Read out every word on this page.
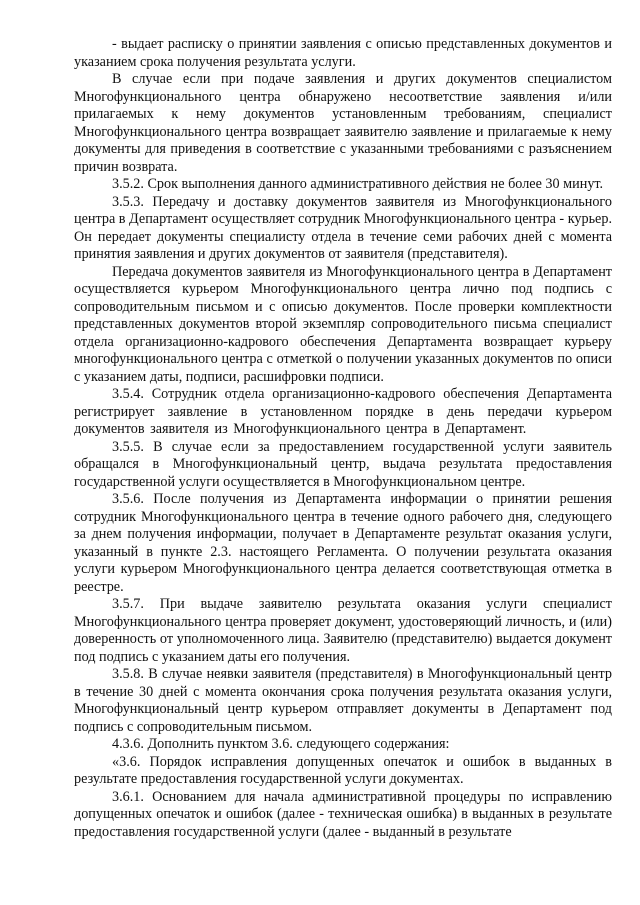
- выдает расписку о принятии заявления с описью представленных документов и указанием срока получения результата услуги.

В случае если при подаче заявления и других документов специалистом Многофункционального центра обнаружено несоответствие заявления и/или прилагаемых к нему документов установленным требованиям, специалист Многофункционального центра возвращает заявителю заявление и прилагаемые к нему документы для приведения в соответствие с указанными требованиями с разъяснением причин возврата.

3.5.2. Срок выполнения данного административного действия не более 30 минут.

3.5.3. Передачу и доставку документов заявителя из Многофункционального центра в Департамент осуществляет сотрудник Многофункционального центра - курьер. Он передает документы специалисту отдела в течение семи рабочих дней с момента принятия заявления и других документов от заявителя (представителя).

Передача документов заявителя из Многофункционального центра в Департамент осуществляется курьером Многофункционального центра лично под подпись с сопроводительным письмом и с описью документов. После проверки комплектности представленных документов второй экземпляр сопроводительного письма специалист отдела организационно-кадрового обеспечения Департамента возвращает курьеру многофункционального центра с отметкой о получении указанных документов по описи с указанием даты, подписи, расшифровки подписи.

3.5.4. Сотрудник отдела организационно-кадрового обеспечения Департамента регистрирует заявление в установленном порядке в день передачи курьером документов заявителя из Многофункционального центра в Департамент.

3.5.5. В случае если за предоставлением государственной услуги заявитель обращался в Многофункциональный центр, выдача результата предоставления государственной услуги осуществляется в Многофункциональном центре.

3.5.6. После получения из Департамента информации о принятии решения сотрудник Многофункционального центра в течение одного рабочего дня, следующего за днем получения информации, получает в Департаменте результат оказания услуги, указанный в пункте 2.3. настоящего Регламента. О получении результата оказания услуги курьером Многофункционального центра делается соответствующая отметка в реестре.

3.5.7. При выдаче заявителю результата оказания услуги специалист Многофункционального центра проверяет документ, удостоверяющий личность, и (или) доверенность от уполномоченного лица. Заявителю (представителю) выдается документ под подпись с указанием даты его получения.

3.5.8. В случае неявки заявителя (представителя) в Многофункциональный центр в течение 30 дней с момента окончания срока получения результата оказания услуги, Многофункциональный центр курьером отправляет документы в Департамент под подпись с сопроводительным письмом.

4.3.6. Дополнить пунктом 3.6. следующего содержания:

«3.6. Порядок исправления допущенных опечаток и ошибок в выданных в результате предоставления государственной услуги документах.

3.6.1. Основанием для начала административной процедуры по исправлению допущенных опечаток и ошибок (далее - техническая ошибка) в выданных в результате предоставления государственной услуги (далее - выданный в результате
